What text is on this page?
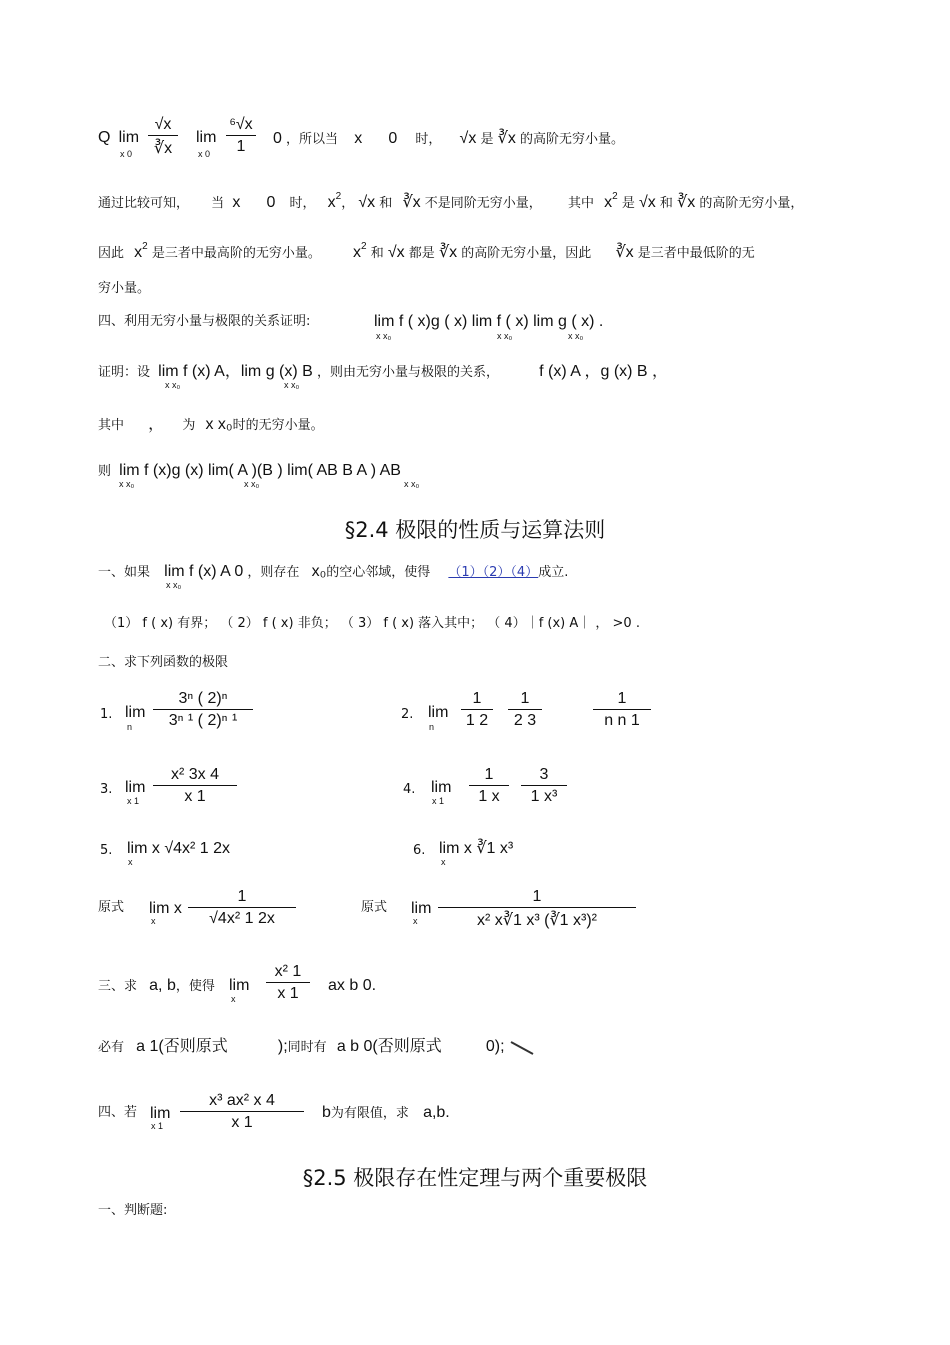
Q lim
x $0 \frac{√x}{∛x}$ lim
x $0 \frac{\text{⁶√x}}{1} 0$ ，所以当 x 0 时， √x 是 ∛x 的高阶无穷小量。
通过比较可知， 当 x 0 时， $x^2$， √x 和 ∛x 不是同阶无穷小量， 其中 $x^2$ 是 √x 和 ∛x 的高阶无穷小量，
因此 $x^2$ 是三者中最高阶的无穷小量。 $x^2$ 和 √x 都是 ∛x 的高阶无穷小量，因此 ∛x 是三者中最低阶的无
穷小量。
四、利用无穷小量与极限的关系证明:	lim f ( x)g ( x) lim f ( x) lim g ( x) .
x x₀	x x₀	x x₀
证明：设 lim f (x) A，lim g (x) B ，则由无穷小量与极限的关系，	f (x) A ，g (x) B ，
x x₀	x x₀
其中 ， 为 x x₀时的无穷小量。
则 lim f (x)g (x) lim( A )(B ) lim( AB B A ) AB
x x₀	x x₀	x x₀
§2.4 极限的性质与运算法则
一、如果 lim f (x) A 0 ，则存在 x₀的空心邻域，使得 （1）（2）（4）成立.
x x₀
（1） f ( x) 有界； （ 2） f ( x) 非负； （ 3） f ( x) 落入其中； （ 4）｜f (x) A｜ ， >0 .
二、求下列函数的极限
1. lim
n $\frac{\text{3ⁿ ( 2)ⁿ}}{\text{3ⁿ ¹ ( 2)ⁿ ¹}}$	2. lim
n $\frac{1}{1 2} \frac{1}{2 3}$	$\frac{1}{\text{n n 1}}$
3. lim
x $1 \frac{\text{x² 3x 4}}{x 1}$	4. lim
x $1 \frac{1}{1 x} \frac{3}{\text{1 x³}}$
5. lim x √4x² 1 2x
x
6. lim x ∛1 x³
x
原式 lim x
x $\frac{1}{\text{√4x² 1 2x}}$	原式 lim
x $\frac{1}{\text{x² x∛1 x³ (∛1 x³)²}}$
三、求 a, b，使得 lim
x $\frac{\text{x² 1}}{x 1}$ ax b 0.
必有 a 1(否则原式	);同时有 a b 0(否则原式	0);
四、若 lim
x $1 \frac{\text{x³ ax² x 4}}{x 1}$ b为有限值，求 a,b.
§2.5 极限存在性定理与两个重要极限
一、判断题:
